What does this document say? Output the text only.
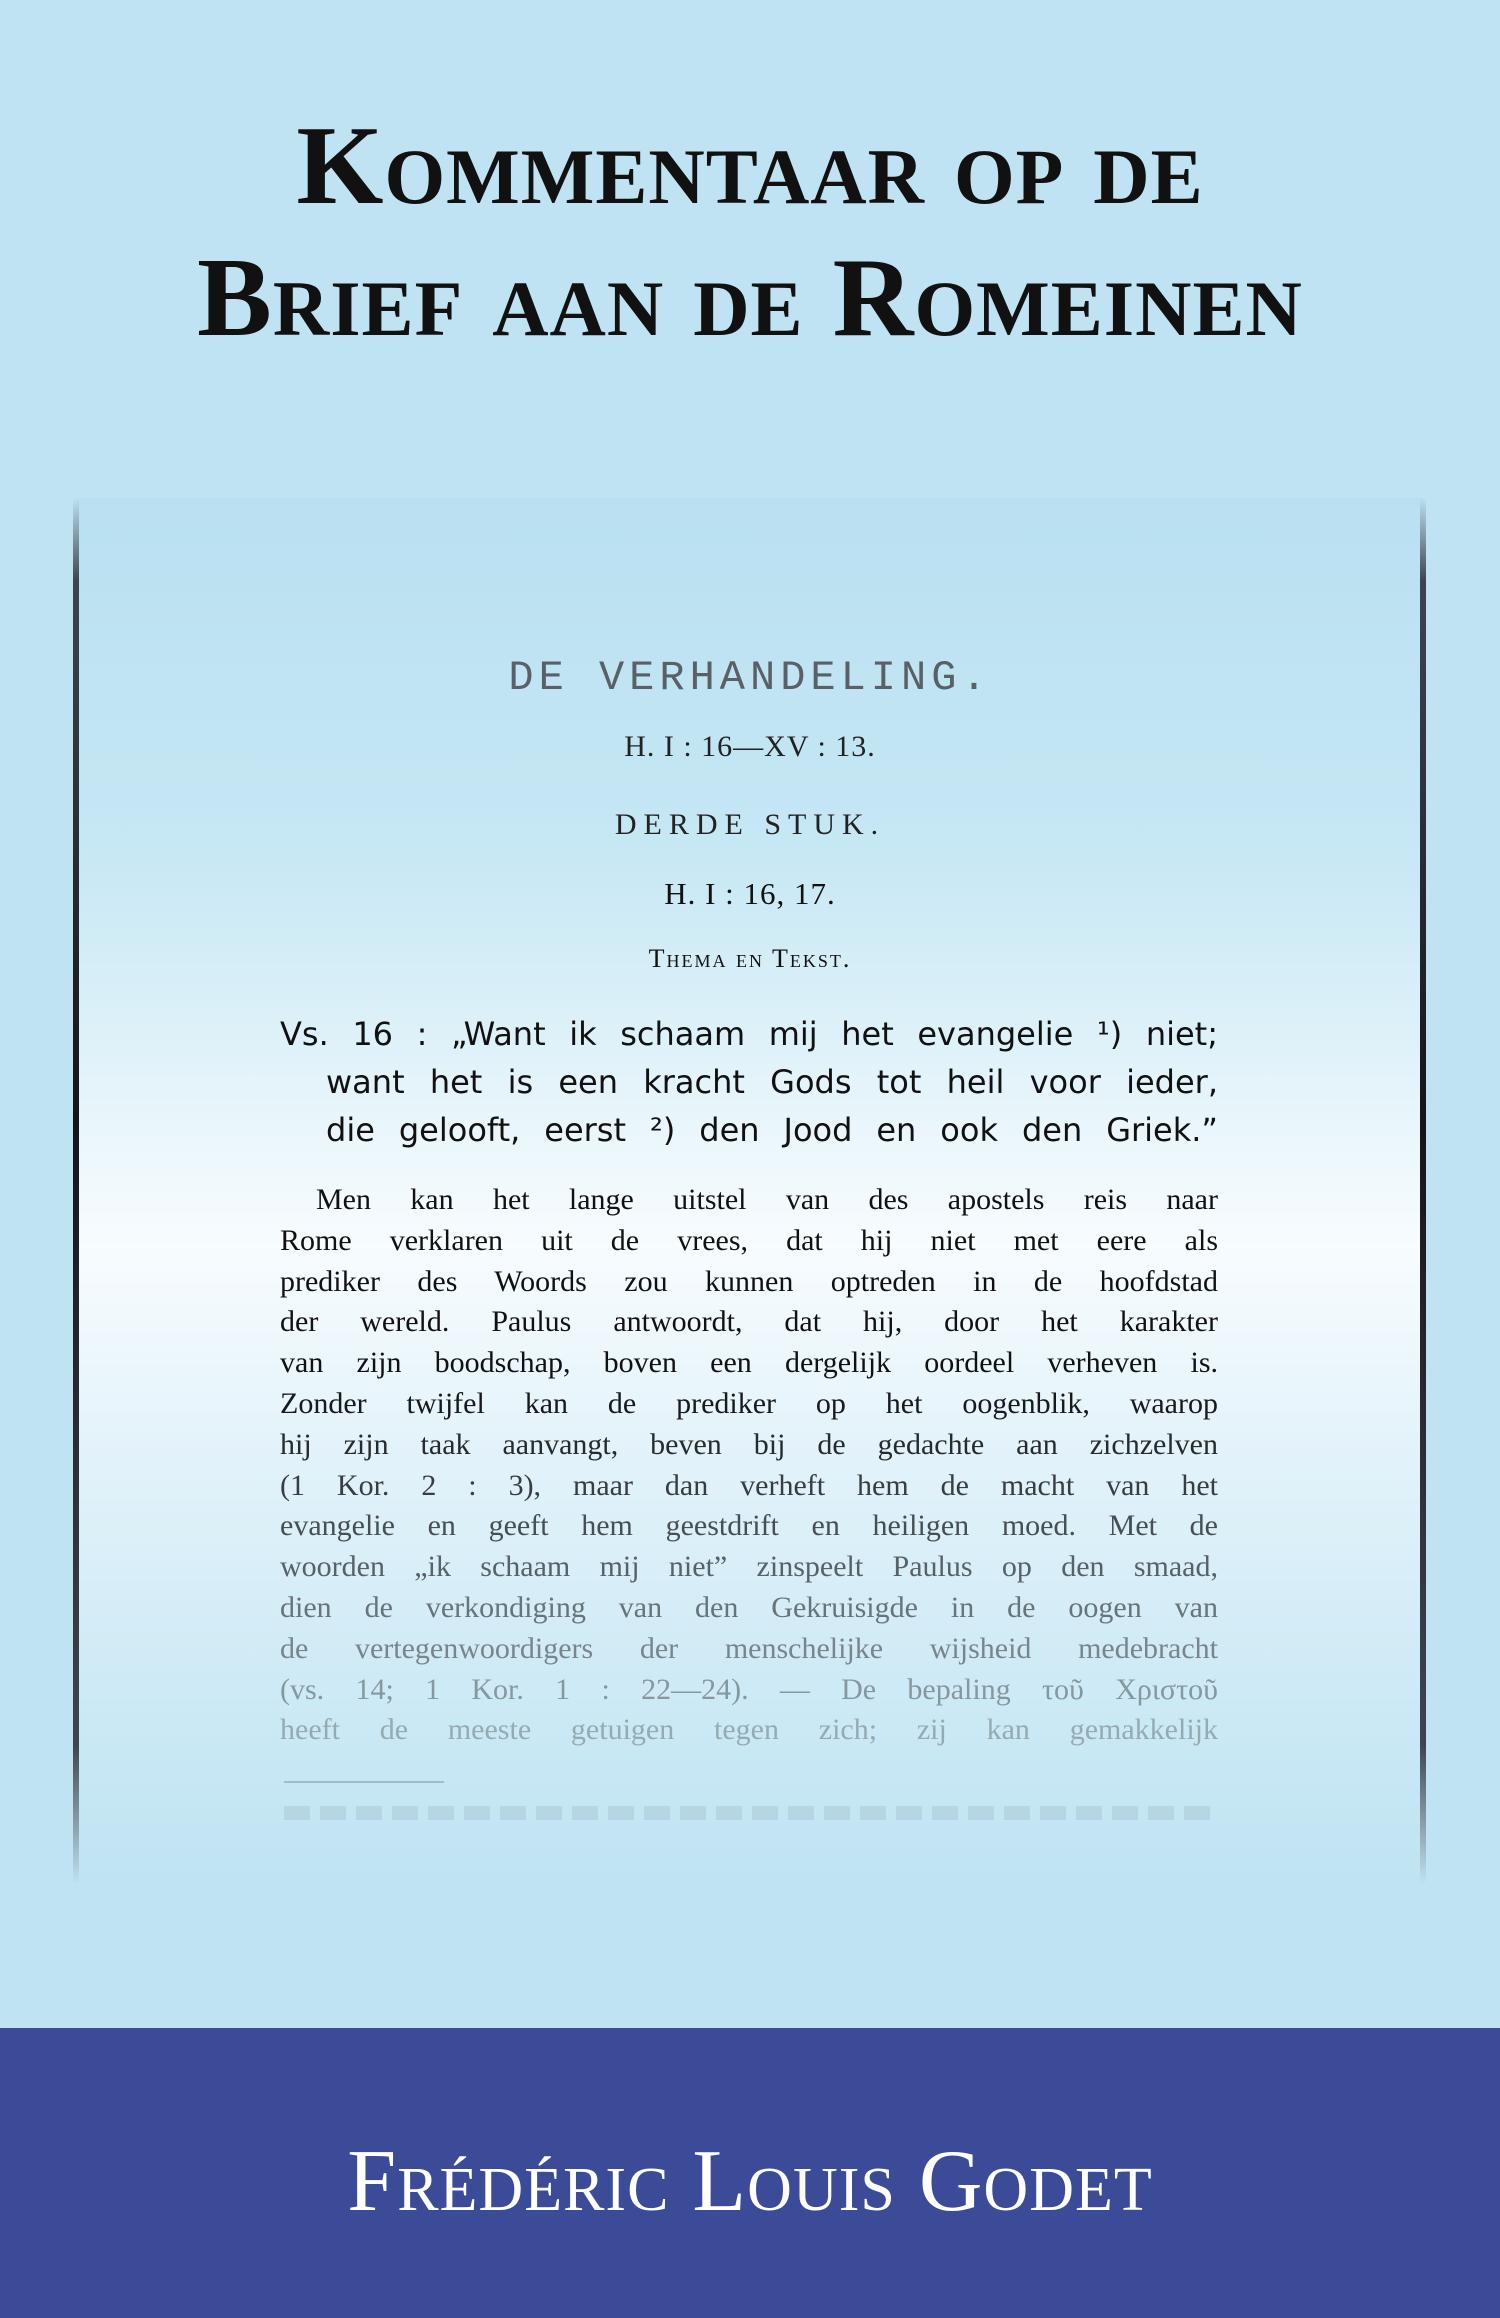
Kommentaar op de
Brief aan de Romeinen
DE VERHANDELING.
H. I : 16—XV : 13.
DERDE STUK.
H. I : 16, 17.
Thema en Tekst.
Vs. 16 : „Want ik schaam mij het evangelie ¹) niet;
want het is een kracht Gods tot heil voor ieder,
die gelooft, eerst ²) den Jood en ook den Griek.”
Men kan het lange uitstel van des apostels reis naar
Rome verklaren uit de vrees, dat hij niet met eere als
prediker des Woords zou kunnen optreden in de hoofdstad
der wereld. Paulus antwoordt, dat hij, door het karakter
van zijn boodschap, boven een dergelijk oordeel verheven is.
Zonder twijfel kan de prediker op het oogenblik, waarop
hij zijn taak aanvangt, beven bij de gedachte aan zichzelven
(1 Kor. 2 : 3), maar dan verheft hem de macht van het
evangelie en geeft hem geestdrift en heiligen moed. Met de
woorden „ik schaam mij niet” zinspeelt Paulus op den smaad,
dien de verkondiging van den Gekruisigde in de oogen van
de vertegenwoordigers der menschelijke wijsheid medebracht
(vs. 14; 1 Kor. 1 : 22—24). — De bepaling τοῦ Χριστοῦ
heeft de meeste getuigen tegen zich; zij kan gemakkelijk
Frédéric Louis Godet
